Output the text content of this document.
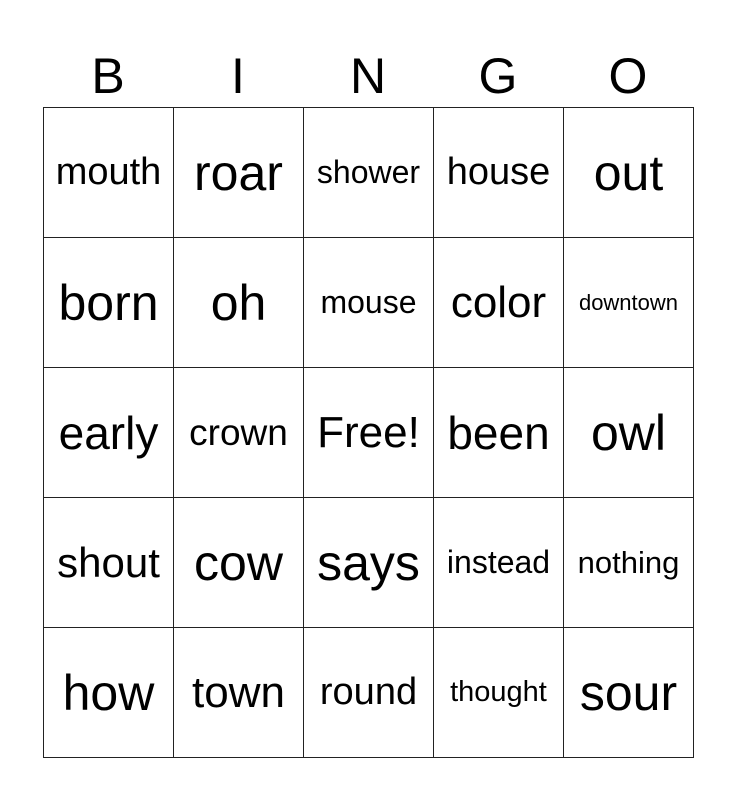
B	I	N	G	O
mouth roar shower house out
born oh mouse color downtown
early crown Free! been owl
shout cow says instead nothing
how town round thought sour
